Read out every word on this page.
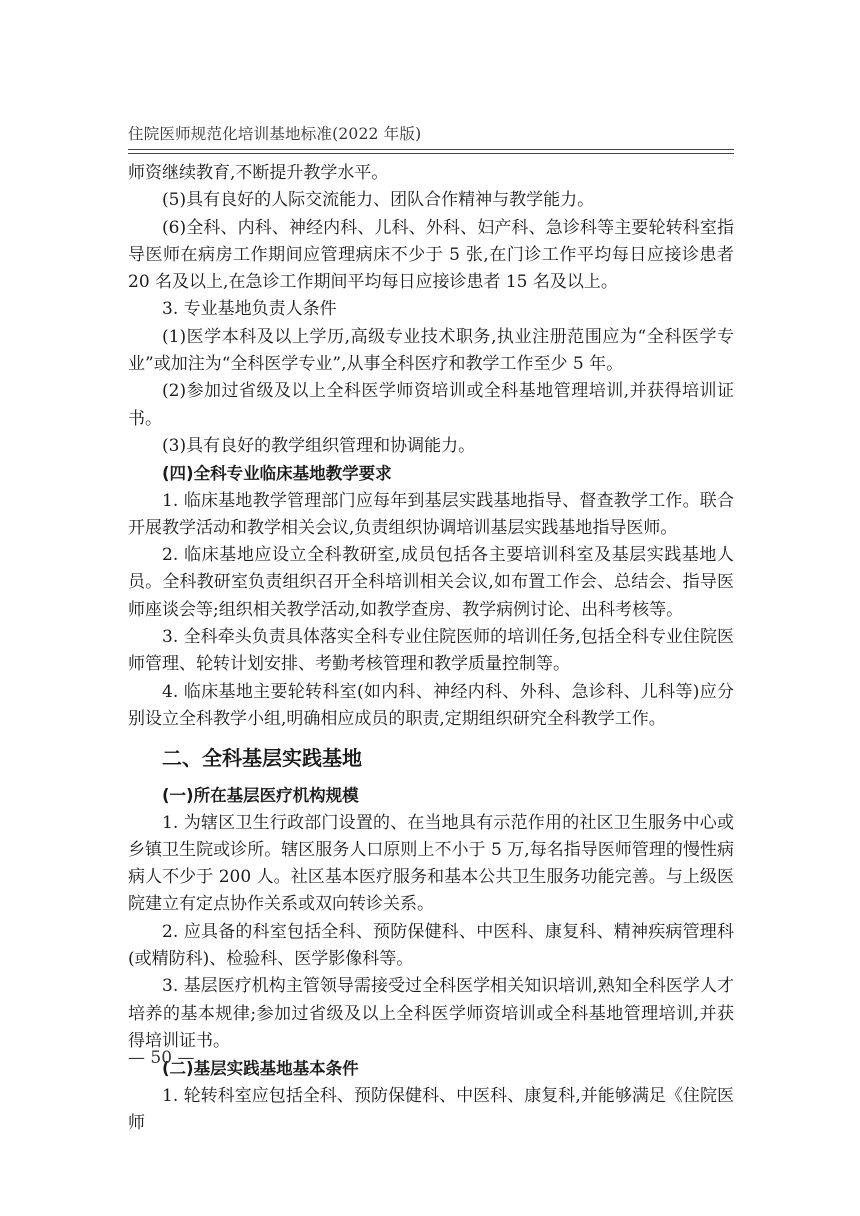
住院医师规范化培训基地标准(2022 年版)

师资继续教育,不断提升教学水平。

(5)具有良好的人际交流能力、团队合作精神与教学能力。

(6)全科、内科、神经内科、儿科、外科、妇产科、急诊科等主要轮转科室指导医师在病房工作期间应管理病床不少于 5 张,在门诊工作平均每日应接诊患者 20 名及以上,在急诊工作期间平均每日应接诊患者 15 名及以上。

3. 专业基地负责人条件

(1)医学本科及以上学历,高级专业技术职务,执业注册范围应为“全科医学专业”或加注为“全科医学专业”,从事全科医疗和教学工作至少 5 年。

(2)参加过省级及以上全科医学师资培训或全科基地管理培训,并获得培训证书。

(3)具有良好的教学组织管理和协调能力。

(四)全科专业临床基地教学要求

1. 临床基地教学管理部门应每年到基层实践基地指导、督查教学工作。联合开展教学活动和教学相关会议,负责组织协调培训基层实践基地指导医师。

2. 临床基地应设立全科教研室,成员包括各主要培训科室及基层实践基地人员。全科教研室负责组织召开全科培训相关会议,如布置工作会、总结会、指导医师座谈会等;组织相关教学活动,如教学查房、教学病例讨论、出科考核等。

3. 全科牵头负责具体落实全科专业住院医师的培训任务,包括全科专业住院医师管理、轮转计划安排、考勤考核管理和教学质量控制等。

4. 临床基地主要轮转科室(如内科、神经内科、外科、急诊科、儿科等)应分别设立全科教学小组,明确相应成员的职责,定期组织研究全科教学工作。

二、全科基层实践基地

(一)所在基层医疗机构规模

1. 为辖区卫生行政部门设置的、在当地具有示范作用的社区卫生服务中心或乡镇卫生院或诊所。辖区服务人口原则上不小于 5 万,每名指导医师管理的慢性病病人不少于 200 人。社区基本医疗服务和基本公共卫生服务功能完善。与上级医院建立有定点协作关系或双向转诊关系。

2. 应具备的科室包括全科、预防保健科、中医科、康复科、精神疾病管理科(或精防科)、检验科、医学影像科等。

3. 基层医疗机构主管领导需接受过全科医学相关知识培训,熟知全科医学人才培养的基本规律;参加过省级及以上全科医学师资培训或全科基地管理培训,并获得培训证书。

(二)基层实践基地基本条件

1. 轮转科室应包括全科、预防保健科、中医科、康复科,并能够满足《住院医师

— 50 —
